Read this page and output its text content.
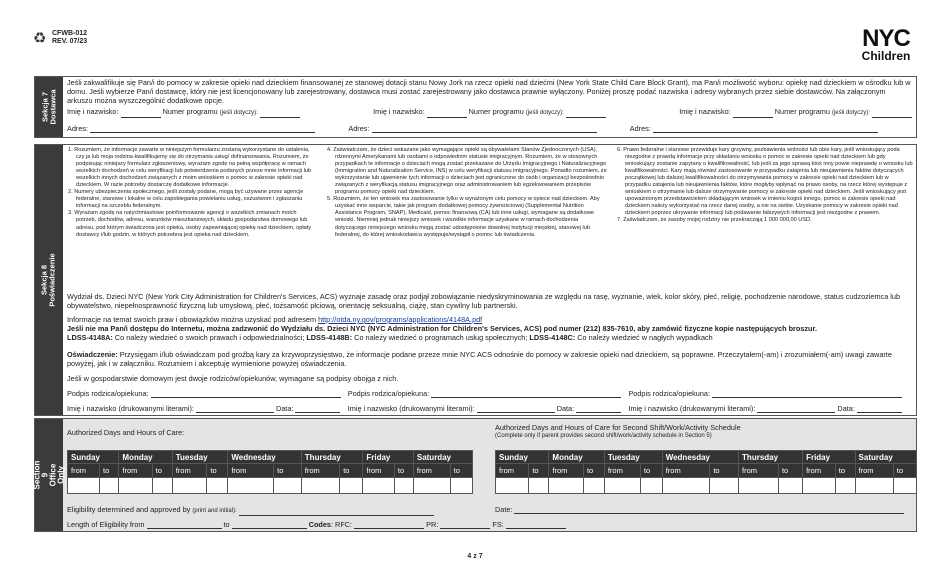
♻ CFWB-012
REV. 07/23	NYC
Children
Sekcja 7 Dostawca
Jeśli zakwalifikuje się Pan/i do pomocy w zakresie opieki nad dzieckiem finansowanej ze stanowej dotacji stanu Nowy Jork na rzecz opieki nad dziećmi (New York State Child Care Block Grant), ma Pan/i możliwość wyboru: opiekę nad dzieckiem w ośrodku lub w domu. Jeśli wybierze Pan/i dostawcę, który nie jest licencjonowany lub zarejestrowany, dostawca musi zostać zarejestrowany jako dostawca prawnie wyłączony. Poniżej proszę podać nazwiska i adresy wybranych przez siebie dostawców. Na załączonym arkuszu można wyszczególnić dodatkowe opcje.
Imię i nazwisko:	Numer programu (jeśli dotyczy):	Imię i nazwisko:	Numer programu (jeśli dotyczy):	Imię i nazwisko:	Numer programu (jeśli dotyczy):
Adres:	Adres:	Adres:
Sekcja 8 Poświadczenie
1. Rozumiem, że informacje zawarte w niniejszym formularzu zostaną wykorzystane do ustalenia, czy ja lub moja rodzina kwalifikujemy się do otrzymania usług/ dofinansowania. Rozumiem, że podpisując niniejszy formularz zgłoszeniowy, wyrażam zgodę na pełną współpracę w ramach wszelkich dochodzeń w celu weryfikacji lub potwierdzenia podanych przeze mnie informacji lub wszelkich innych dochodzeń związanych z moim wnioskiem o pomoc w zakresie opieki nad dzieckiem. W razie potrzeby dostarczę dodatkowe informacje.
2. Numery ubezpieczenia społecznego, jeśli zostały podane, mogą być używane przez agencje federalne, stanowe i lokalne w celu zapobiegania powielaniu usług, oszustwom i zgłaszaniu informacji na szczeblu federalnym.
3. Wyrażam zgodę na natychmiastowe poinformowanie agencji o wszelkich zmianach moich potrzeb, dochodów, adresu, warunków mieszkaniowych, składu gospodarstwa domowego lub adresu, pod którym świadczona jest opieka, osoby zapewniającej opiekę nad dzieckiem, opłaty dostawcy i/lub godzin, w których potrzebna jest opieka nad dzieckiem.
4. Zaświadczam, że dzieci wskazane jako wymagające opieki są obywatelami Stanów Zjednoczonych (USA), rdzennymi Amerykanami lub osobami o odpowiednim statusie imigracyjnym. Rozumiem, że w stosownych przypadkach te informacje o dzieciach mogą zostać przekazane do Urzędu Imigracyjnego i Naturalizacyjnego (Immigration and Naturalization Service, INS) w celu weryfikacji statusu imigracyjnego. Ponadto rozumiem, że wykorzystanie lub ujawnienie tych informacji o dzieciach jest ograniczone do osób i organizacji bezpośrednio związanych z weryfikacją statusu imigracyjnego oraz administrowaniem lub egzekwowaniem przepisów programu pomocy opieki nad dzieckiem.
5. Rozumiem, że ten wniosek ma zastosowanie tylko w wyrażonym celu pomocy w opiece nad dzieckiem. Aby uzyskać inne wsparcie, takie jak program dodatkowej pomocy żywnościowej (Supplemental Nutrition Assistance Program, SNAP), Medicaid, pomoc finansową (CA) lub inne usługi, wymagane są dodatkowe wnioski. Niemniej jednak niniejszy wniosek i wszelkie informacje uzyskane w ramach dochodzenia dotyczącego niniejszego wniosku mogą zostać udostępnione dowolnej instytucji miejskiej, stanowej lub federalnej, do której wnioskodawca występuje/wystąpił o pomoc lub świadczenia.
6. Prawo federalne i stanowe przewiduje kary grzywny, pozbawienia wolności lub obie kary, jeśli wnioskujący poda niezgodne z prawdą informacje przy składaniu wniosku o pomoc w zakresie opieki nad dzieckiem lub gdy wnioskujący zostanie zapytany o kwalifikowalność, lub jeśli za jego sprawą ktoś inny powie nieprawdę o wniosku lub kwalifikowalności. Kary mają również zastosowanie w przypadku zatajenia lub nieujawnienia faktów dotyczących początkowej lub dalszej kwalifikowalności do otrzymywania pomocy w zakresie opieki nad dzieckiem lub w przypadku zatajenia lub nieujawnienia faktów, które mogłyby wpłynąć na prawo osoby, na rzecz której występuje z wnioskiem o otrzymanie lub dalsze otrzymywanie pomocy w zakresie opieki nad dzieckiem. Jeśli wnioskujący jest upoważnionym przedstawicielem składającym wniosek w imieniu kogoś innego, pomoc w zakresie opieki nad dzieckiem należy wykorzystać na rzecz danej osoby, a nie na siebie. Uzyskanie pomocy w zakresie opieki nad dzieckiem poprzez ukrywanie informacji lub podawanie fałszywych informacji jest niezgodne z prawem.
7. Zaświadczam, że zasoby mojej rodziny nie przekraczają 1 000 000,00 USD.
Wydział ds. Dzieci NYC (New York City Administration for Children's Services, ACS) wyznaje zasadę oraz podjął zobowiązanie niedyskryminowania ze względu na rasę, wyznanie, wiek, kolor skóry, płeć, religię, pochodzenie narodowe, status cudzoziemca lub obywatelstwo, niepełnosprawność fizyczną lub umysłową, płeć, tożsamość płciową, orientację seksualną, ciążę, stan cywilny lub partnerski.
Informacje na temat swoich praw i obowiązków można uzyskać pod adresem http://otda.ny.gov/programs/applications/4148A.pdf
Jeśli nie ma Pan/i dostępu do Internetu, można zadzwonić do Wydziału ds. Dzieci NYC (NYC Administration for Children's Services, ACS) pod numer (212) 835-7610, aby zamówić fizyczne kopie następujących broszur.
LDSS-4148A: Co należy wiedzieć o swoich prawach i odpowiedzialności; LDSS-4148B: Co należy wiedzieć o programach usług społecznych; LDSS-4148C: Co należy wiedzieć w nagłych wypadkach
Oświadczenie: Przysięgam i/lub oświadczam pod groźbą kary za krzywoprzysięstwo, że informacje podane przeze mnie NYC ACS odnośnie do pomocy w zakresie opieki nad dzieckiem, są poprawne. Przeczytałem(-am) i zrozumiałem(-am) uwagi zawarte powyżej, jak i w załączniku. Rozumiem i akceptuję wymienione powyżej oświadczenia.
Jeśli w gospodarstwie domowym jest dwoje rodziców/opiekunów, wymagane są podpisy obojga z nich.
Podpis rodzica/opiekuna:	Podpis rodzica/opiekuna:	Podpis rodzica/opiekuna:
Imię i nazwisko (drukowanymi literami):	Data:	Imię i nazwisko (drukowanymi literami):	Data:	Imię i nazwisko (drukowanymi literami):	Data:
Section 9 Office Only
Authorized Days and Hours of Care:
Authorized Days and Hours of Care for Second Shift/Work/Activity Schedule
(Complete only if parent provides second shift/work/activity schedule in Section 5)
Sunday		Monday		Tuesday		Wednesday		Thursday		Friday		Saturday	
from	to	from	to	from	to	from	to	from	to	from	to	from	to

Sunday		Monday		Tuesday		Wednesday		Thursday		Friday		Saturday	
from	to	from	to	from	to	from	to	from	to	from	to	from	to

Eligibility determined and approved by (print and initial):	Date:
Length of Eligibility from	to	Codes: RFC:	PR:	FS:
4 z 7
